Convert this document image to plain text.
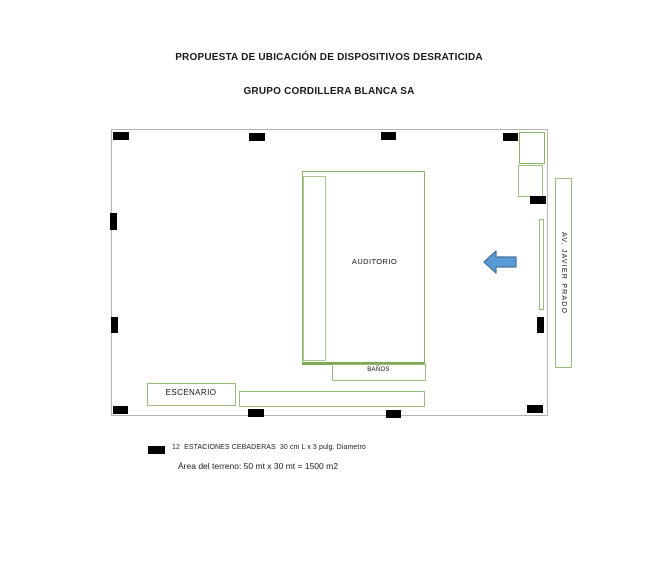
PROPUESTA DE UBICACIÓN DE DISPOSITIVOS DESRATICIDA
GRUPO CORDILLERA BLANCA SA
AUDITORIO
BAÑOS
ESCENARIO
AV. JAVIER PRADO
12  ESTACIONES CEBADERAS  30 cm L x 3 pulg. Diametro
Área del terreno: 50 mt x 30 mt = 1500 m2
